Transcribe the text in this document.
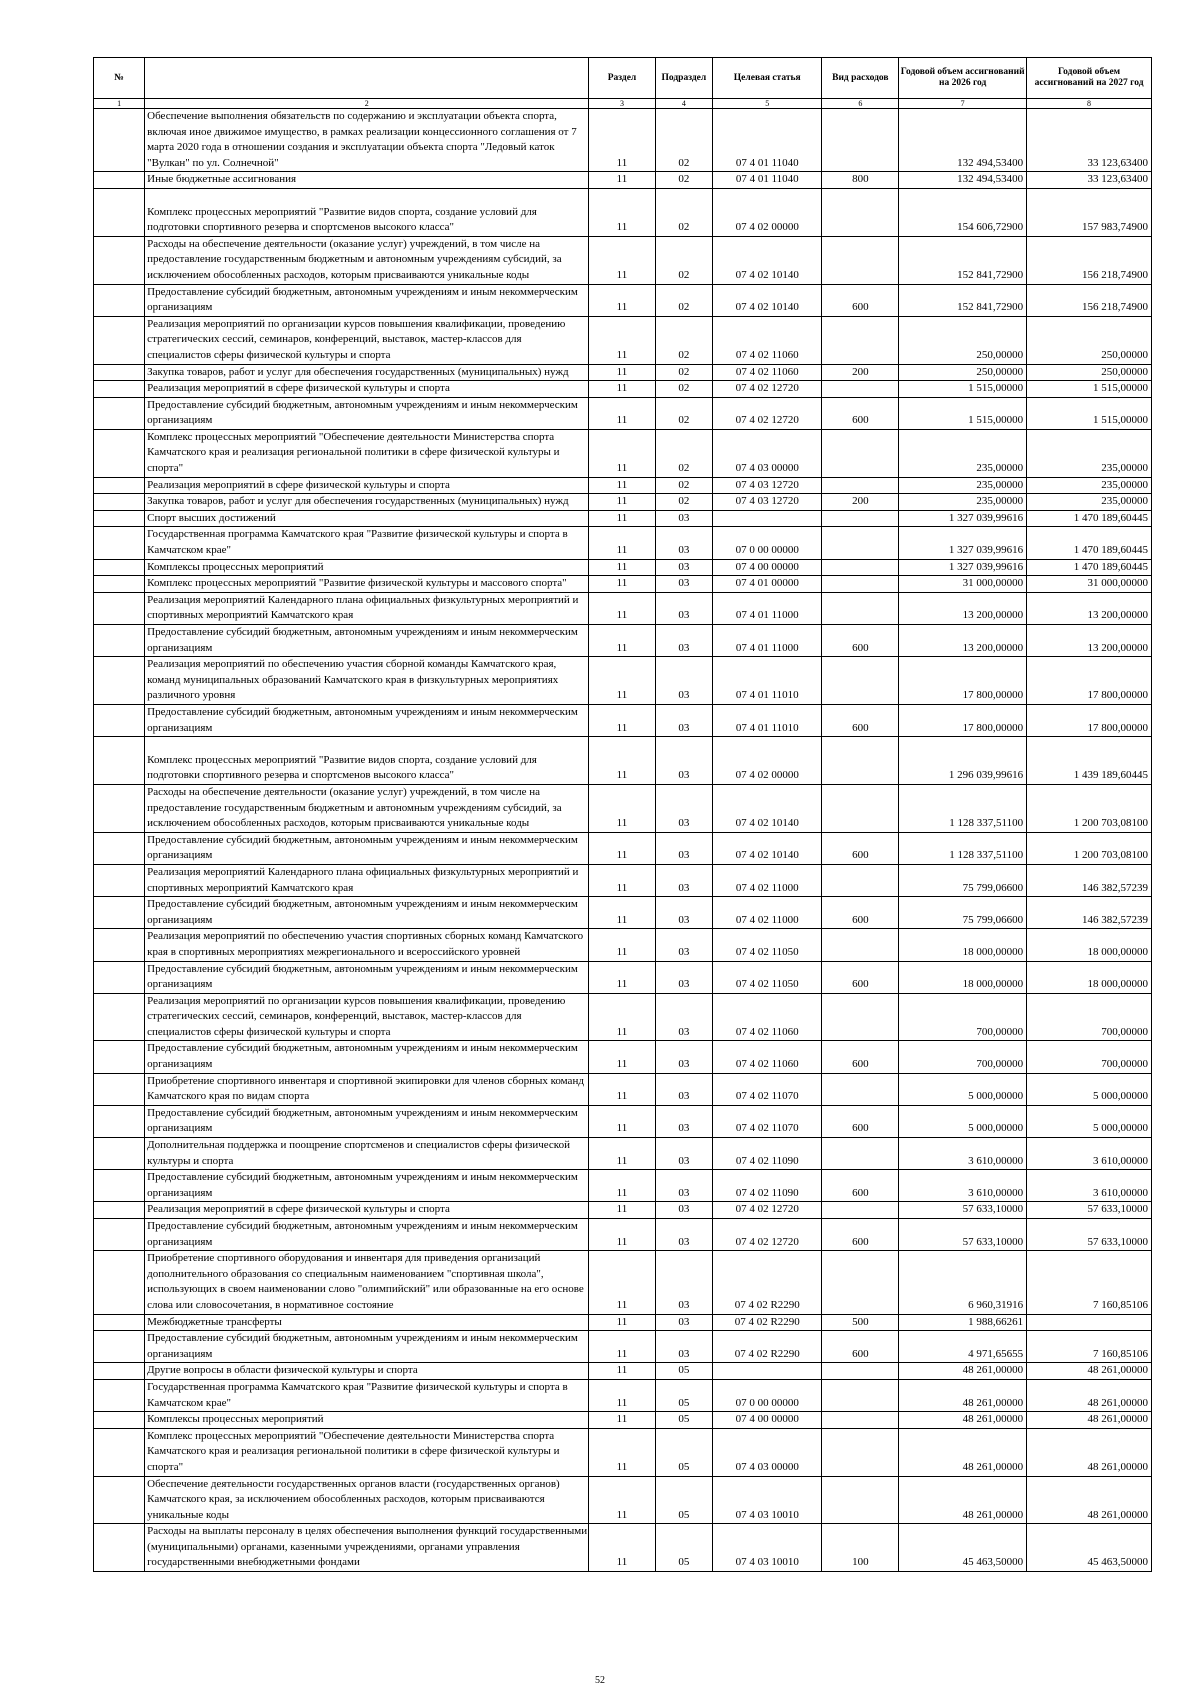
№		Раздел	Подраздел	Целевая статья	Вид расходов	Годовой объем ассигнований на 2026 год	Годовой объем ассигнований на 2027 год
1	2	3	4	5	6	7	8
	Обеспечение выполнения обязательств по содержанию и эксплуатации объекта спорта, включая иное движимое имущество, в рамках реализации концессионного соглашения от 7 марта 2020 года в отношении создания и эксплуатации объекта спорта "Ледовый каток "Вулкан" по ул. Солнечной"	11	02	07 4 01 11040		132 494,53400	33 123,63400
	Иные бюджетные ассигнования	11	02	07 4 01 11040	800	132 494,53400	33 123,63400
	Комплекс процессных мероприятий "Развитие видов спорта, создание условий для подготовки спортивного резерва и спортсменов высокого класса"	11	02	07 4 02 00000		154 606,72900	157 983,74900
	Расходы на обеспечение деятельности (оказание услуг) учреждений, в том числе на предоставление государственным бюджетным и автономным учреждениям субсидий, за исключением обособленных расходов, которым присваиваются уникальные коды	11	02	07 4 02 10140		152 841,72900	156 218,74900
	Предоставление субсидий бюджетным, автономным учреждениям и иным некоммерческим организациям	11	02	07 4 02 10140	600	152 841,72900	156 218,74900
	Реализация мероприятий по организации курсов повышения квалификации, проведению стратегических сессий, семинаров, конференций, выставок, мастер-классов для специалистов сферы физической культуры и спорта	11	02	07 4 02 11060		250,00000	250,00000
	Закупка товаров, работ и услуг для обеспечения государственных (муниципальных) нужд	11	02	07 4 02 11060	200	250,00000	250,00000
	Реализация мероприятий в сфере физической культуры и спорта	11	02	07 4 02 12720		1 515,00000	1 515,00000
	Предоставление субсидий бюджетным, автономным учреждениям и иным некоммерческим организациям	11	02	07 4 02 12720	600	1 515,00000	1 515,00000
	Комплекс процессных мероприятий "Обеспечение деятельности Министерства спорта Камчатского края и реализация региональной политики в сфере физической культуры и спорта"	11	02	07 4 03 00000		235,00000	235,00000
	Реализация мероприятий в сфере физической культуры и спорта	11	02	07 4 03 12720		235,00000	235,00000
	Закупка товаров, работ и услуг для обеспечения государственных (муниципальных) нужд	11	02	07 4 03 12720	200	235,00000	235,00000
	Спорт высших достижений	11	03			1 327 039,99616	1 470 189,60445
	Государственная программа Камчатского края "Развитие физической культуры и спорта в Камчатском крае"	11	03	07 0 00 00000		1 327 039,99616	1 470 189,60445
	Комплексы процессных мероприятий	11	03	07 4 00 00000		1 327 039,99616	1 470 189,60445
	Комплекс процессных мероприятий "Развитие физической культуры и массового спорта"	11	03	07 4 01 00000		31 000,00000	31 000,00000
	Реализация мероприятий Календарного плана официальных физкультурных мероприятий и спортивных мероприятий Камчатского края	11	03	07 4 01 11000		13 200,00000	13 200,00000
	Предоставление субсидий бюджетным, автономным учреждениям и иным некоммерческим организациям	11	03	07 4 01 11000	600	13 200,00000	13 200,00000
	Реализация мероприятий по обеспечению участия сборной команды Камчатского края, команд муниципальных образований Камчатского края в физкультурных мероприятиях различного уровня	11	03	07 4 01 11010		17 800,00000	17 800,00000
	Предоставление субсидий бюджетным, автономным учреждениям и иным некоммерческим организациям	11	03	07 4 01 11010	600	17 800,00000	17 800,00000
	Комплекс процессных мероприятий "Развитие видов спорта, создание условий для подготовки спортивного резерва и спортсменов высокого класса"	11	03	07 4 02 00000		1 296 039,99616	1 439 189,60445
	Расходы на обеспечение деятельности (оказание услуг) учреждений, в том числе на предоставление государственным бюджетным и автономным учреждениям субсидий, за исключением обособленных расходов, которым присваиваются уникальные коды	11	03	07 4 02 10140		1 128 337,51100	1 200 703,08100
	Предоставление субсидий бюджетным, автономным учреждениям и иным некоммерческим организациям	11	03	07 4 02 10140	600	1 128 337,51100	1 200 703,08100
	Реализация мероприятий Календарного плана официальных физкультурных мероприятий и спортивных мероприятий Камчатского края	11	03	07 4 02 11000		75 799,06600	146 382,57239
	Предоставление субсидий бюджетным, автономным учреждениям и иным некоммерческим организациям	11	03	07 4 02 11000	600	75 799,06600	146 382,57239
	Реализация мероприятий по обеспечению участия спортивных сборных команд Камчатского края в спортивных мероприятиях межрегионального и всероссийского уровней	11	03	07 4 02 11050		18 000,00000	18 000,00000
	Предоставление субсидий бюджетным, автономным учреждениям и иным некоммерческим организациям	11	03	07 4 02 11050	600	18 000,00000	18 000,00000
	Реализация мероприятий по организации курсов повышения квалификации, проведению стратегических сессий, семинаров, конференций, выставок, мастер-классов для специалистов сферы физической культуры и спорта	11	03	07 4 02 11060		700,00000	700,00000
	Предоставление субсидий бюджетным, автономным учреждениям и иным некоммерческим организациям	11	03	07 4 02 11060	600	700,00000	700,00000
	Приобретение спортивного инвентаря и спортивной экипировки для членов сборных команд Камчатского края по видам спорта	11	03	07 4 02 11070		5 000,00000	5 000,00000
	Предоставление субсидий бюджетным, автономным учреждениям и иным некоммерческим организациям	11	03	07 4 02 11070	600	5 000,00000	5 000,00000
	Дополнительная поддержка и поощрение спортсменов и специалистов сферы физической культуры и спорта	11	03	07 4 02 11090		3 610,00000	3 610,00000
	Предоставление субсидий бюджетным, автономным учреждениям и иным некоммерческим организациям	11	03	07 4 02 11090	600	3 610,00000	3 610,00000
	Реализация мероприятий в сфере физической культуры и спорта	11	03	07 4 02 12720		57 633,10000	57 633,10000
	Предоставление субсидий бюджетным, автономным учреждениям и иным некоммерческим организациям	11	03	07 4 02 12720	600	57 633,10000	57 633,10000
	Приобретение спортивного оборудования и инвентаря для приведения организаций дополнительного образования со специальным наименованием "спортивная школа", использующих в своем наименовании слово "олимпийский" или образованные на его основе слова или словосочетания, в нормативное состояние	11	03	07 4 02 R2290		6 960,31916	7 160,85106
	Межбюджетные трансферты	11	03	07 4 02 R2290	500	1 988,66261	
	Предоставление субсидий бюджетным, автономным учреждениям и иным некоммерческим организациям	11	03	07 4 02 R2290	600	4 971,65655	7 160,85106
	Другие вопросы в области физической культуры и спорта	11	05			48 261,00000	48 261,00000
	Государственная программа Камчатского края "Развитие физической культуры и спорта в Камчатском крае"	11	05	07 0 00 00000		48 261,00000	48 261,00000
	Комплексы процессных мероприятий	11	05	07 4 00 00000		48 261,00000	48 261,00000
	Комплекс процессных мероприятий "Обеспечение деятельности Министерства спорта Камчатского края и реализация региональной политики в сфере физической культуры и спорта"	11	05	07 4 03 00000		48 261,00000	48 261,00000
	Обеспечение деятельности государственных органов власти (государственных органов) Камчатского края, за исключением обособленных расходов, которым присваиваются уникальные коды	11	05	07 4 03 10010		48 261,00000	48 261,00000
	Расходы на выплаты персоналу в целях обеспечения выполнения функций государственными (муниципальными) органами, казенными учреждениями, органами управления государственными внебюджетными фондами	11	05	07 4 03 10010	100	45 463,50000	45 463,50000
52
